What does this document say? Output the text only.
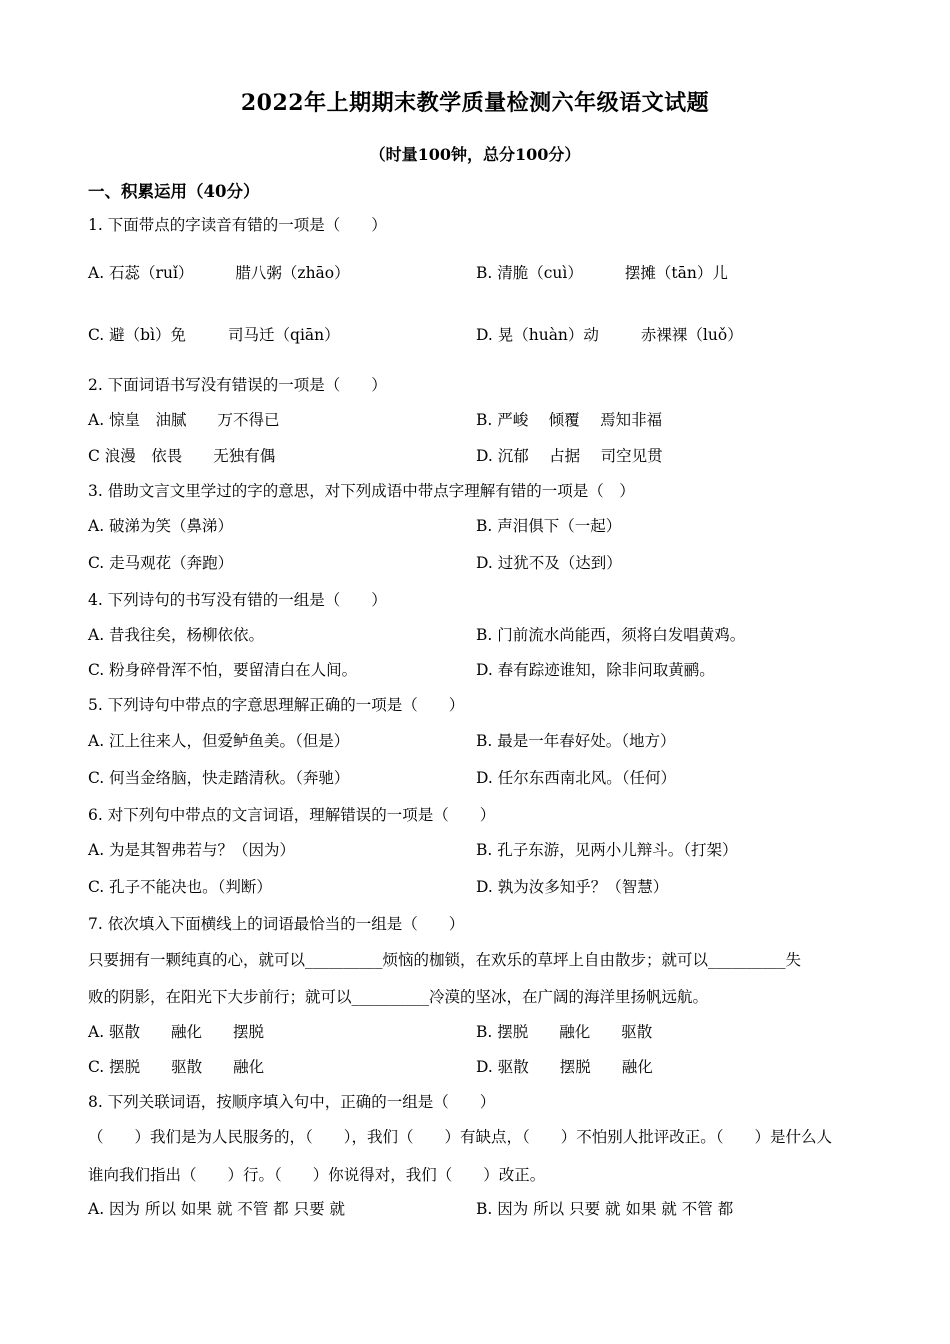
2022年上期期末教学质量检测六年级语文试题
（时量100钟，总分100分）
一、积累运用（40分）
1. 下面带点的字读音有错的一项是（　　）
A. 石蕊（ruǐ）	腊八粥（zhāo）	B. 清脆（cuì）	摆摊（tān）儿
C. 避（bì）免	司马迁（qiān）	D. 晃（huàn）动	赤裸裸（luǒ）
2. 下面词语书写没有错误的一项是（　　）
A. 惊皇　油腻　　万不得已	B. 严峻　 倾覆　 焉知非福
C 浪漫　依畏　　无独有偶	D. 沉郁　 占据　 司空见贯
3. 借助文言文里学过的字的意思，对下列成语中带点字理解有错的一项是（　）
A. 破涕为笑（鼻涕）	B. 声泪俱下（一起）
C. 走马观花（奔跑）	D. 过犹不及（达到）
4. 下列诗句的书写没有错的一组是（　　）
A. 昔我往矣，杨柳依依。	B. 门前流水尚能西，须将白发唱黄鸡。
C. 粉身碎骨浑不怕，要留清白在人间。	D. 春有踪迹谁知，除非问取黄鹂。
5. 下列诗句中带点的字意思理解正确的一项是（　　）
A. 江上往来人，但爱鲈鱼美。（但是）	B. 最是一年春好处。（地方）
C. 何当金络脑，快走踏清秋。（奔驰）	D. 任尔东西南北风。（任何）
6. 对下列句中带点的文言词语，理解错误的一项是（　　）
A. 为是其智弗若与？（因为）	B. 孔子东游，见两小儿辩斗。（打架）
C. 孔子不能决也。（判断）	D. 孰为汝多知乎？（智慧）
7. 依次填入下面横线上的词语最恰当的一组是（　　）
只要拥有一颗纯真的心，就可以__________烦恼的枷锁，在欢乐的草坪上自由散步；就可以__________失
败的阴影，在阳光下大步前行；就可以__________冷漠的坚冰，在广阔的海洋里扬帆远航。
A. 驱散　　融化　　摆脱	B. 摆脱　　融化　　驱散
C. 摆脱　　驱散　　融化	D. 驱散　　摆脱　　融化
8. 下列关联词语，按顺序填入句中，正确的一组是（　　）
（　　）我们是为人民服务的，（　　），我们（　　）有缺点，（　　）不怕别人批评改正。（　　）是什么人
谁向我们指出（　　）行。（　　）你说得对，我们（　　）改正。
A. 因为 所以 如果 就 不管 都 只要 就	B. 因为 所以 只要 就 如果 就 不管 都
